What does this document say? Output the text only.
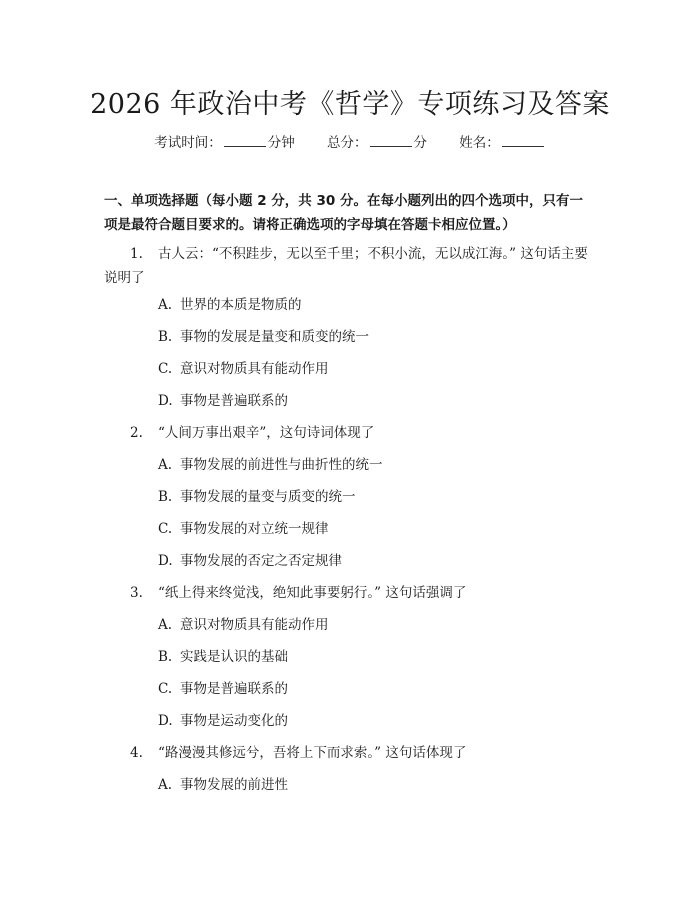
2026 年政治中考《哲学》专项练习及答案
考试时间：	分钟 总分：	分 姓名：
一、单项选择题（每小题 2 分，共 30 分。在每小题列出的四个选项中，只有一项是最符合题目要求的。请将正确选项的字母填在答题卡相应位置。）
1. 古人云：“不积跬步，无以至千里；不积小流，无以成江海。” 这句话主要说明了
A. 世界的本质是物质的
B. 事物的发展是量变和质变的统一
C. 意识对物质具有能动作用
D. 事物是普遍联系的
2. “人间万事出艰辛”，这句诗词体现了
A. 事物发展的前进性与曲折性的统一
B. 事物发展的量变与质变的统一
C. 事物发展的对立统一规律
D. 事物发展的否定之否定规律
3. “纸上得来终觉浅，绝知此事要躬行。” 这句话强调了
A. 意识对物质具有能动作用
B. 实践是认识的基础
C. 事物是普遍联系的
D. 事物是运动变化的
4. “路漫漫其修远兮，吾将上下而求索。” 这句话体现了
A. 事物发展的前进性
